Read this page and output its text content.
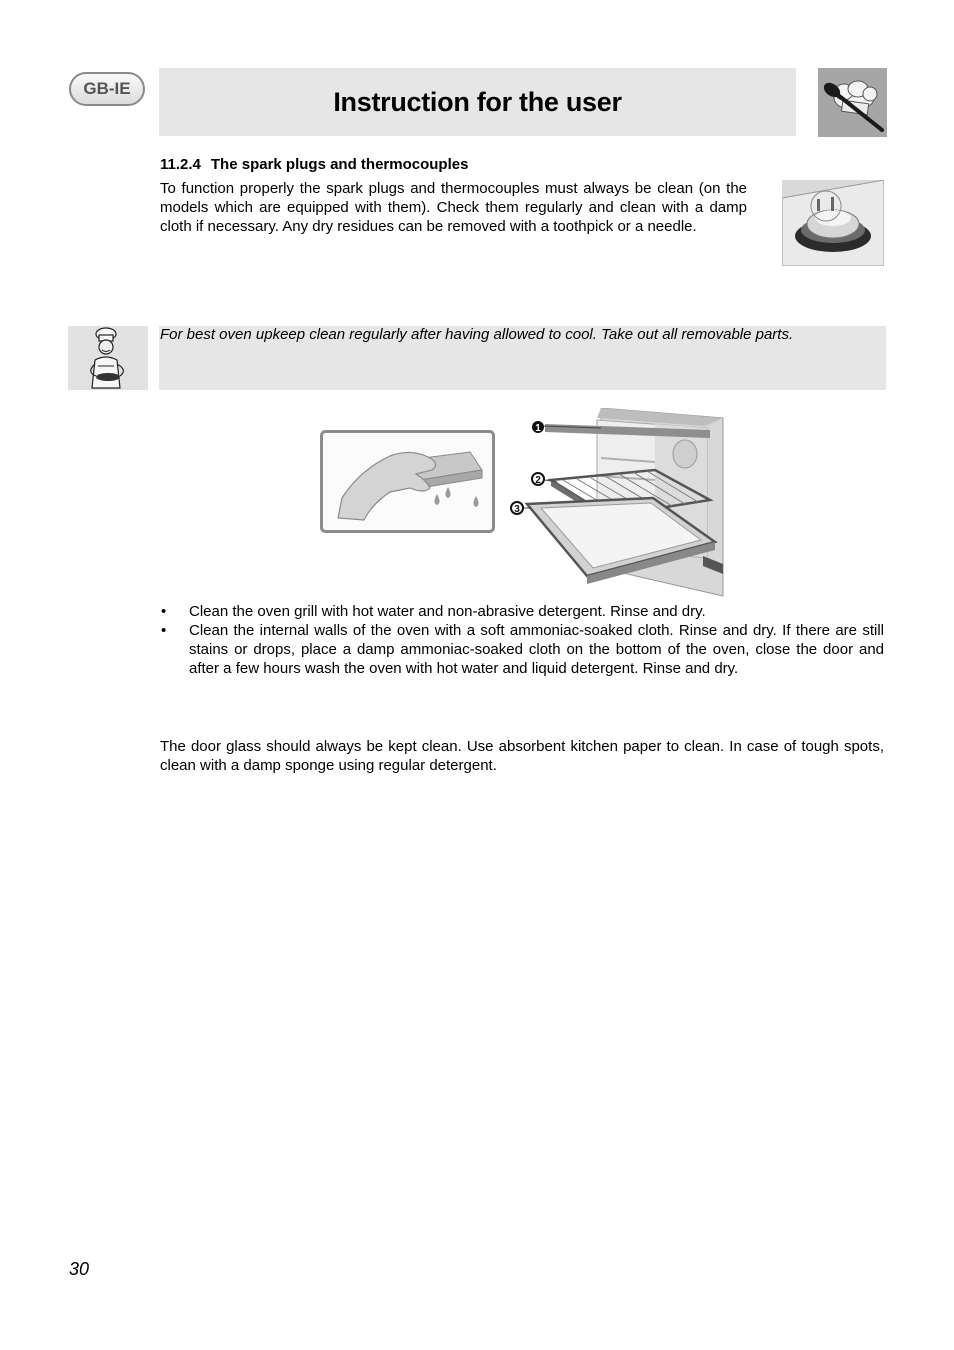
GB-IE	Instruction for the user
11.2.4 The spark plugs and thermocouples
To function properly the spark plugs and thermocouples must always be clean (on the models which are equipped with them). Check them regularly and clean with a damp cloth if necessary. Any dry residues can be removed with a toothpick or a needle.
For best oven upkeep clean regularly after having allowed to cool. Take out all removable parts.
1
2
3
• Clean the oven grill with hot water and non-abrasive detergent. Rinse and dry.
• Clean the internal walls of the oven with a soft ammoniac-soaked cloth. Rinse and dry. If there are still stains or drops, place a damp ammoniac-soaked cloth on the bottom of the oven, close the door and after a few hours wash the oven with hot water and liquid detergent. Rinse and dry.
The door glass should always be kept clean. Use absorbent kitchen paper to clean. In case of tough spots, clean with a damp sponge using regular detergent.
30
